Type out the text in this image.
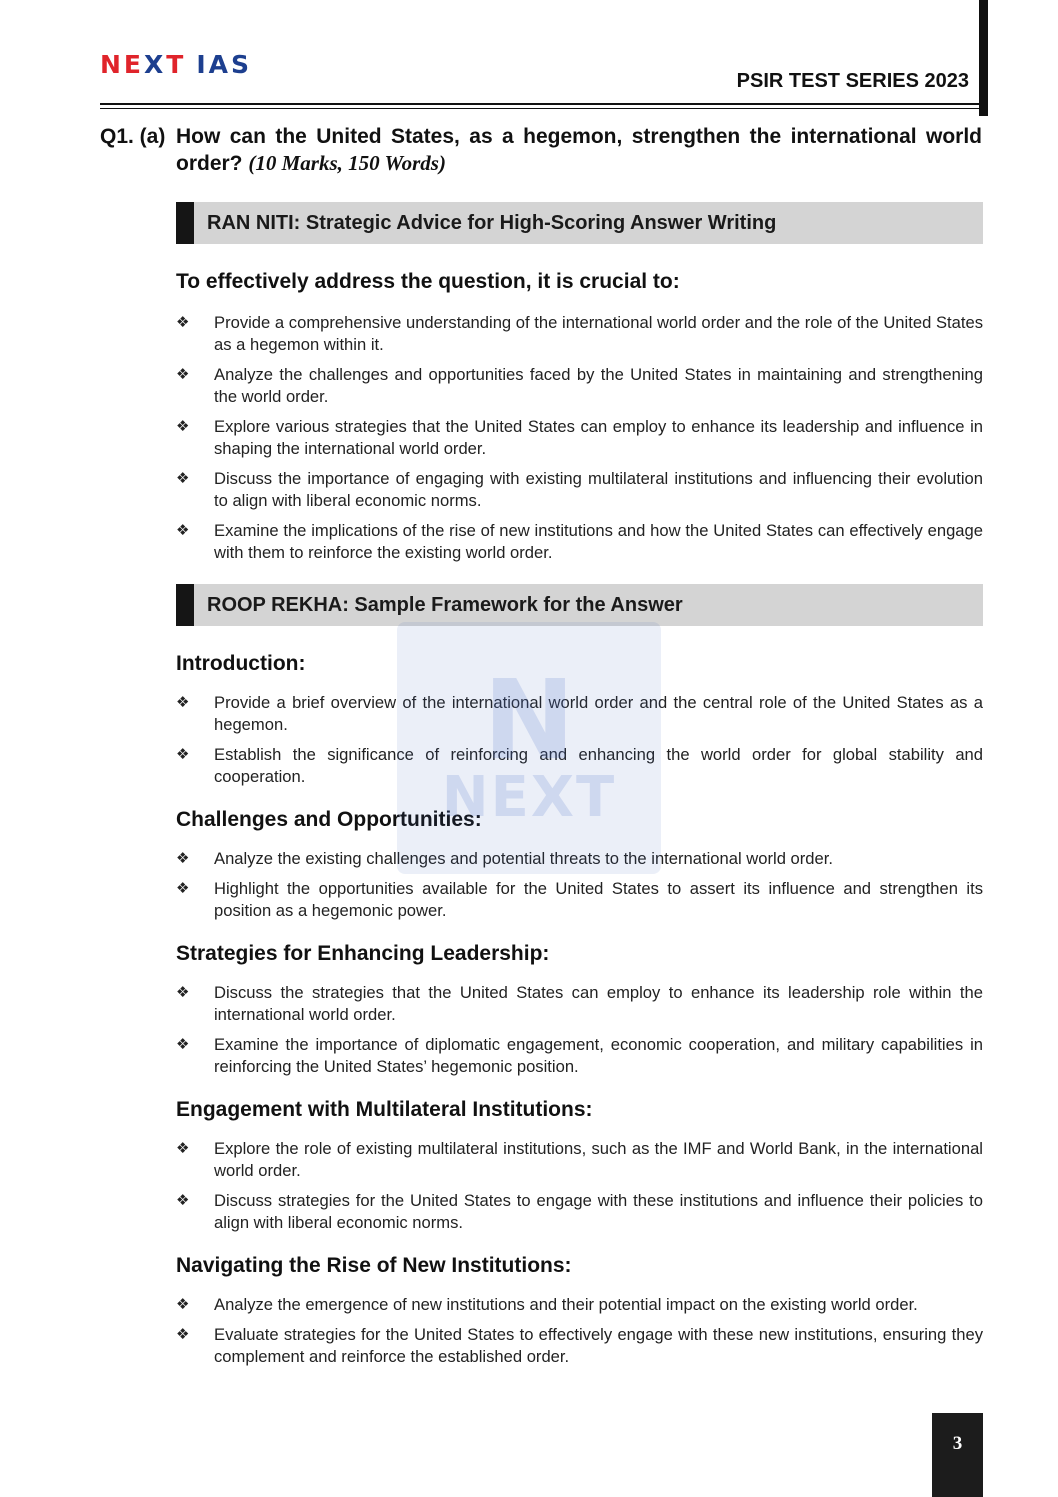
NEXT IAS
PSIR TEST SERIES 2023
Q1. (a) How can the United States, as a hegemon, strengthen the international world order? (10 Marks, 150 Words)
RAN NITI: Strategic Advice for High-Scoring Answer Writing
To effectively address the question, it is crucial to:
❖ Provide a comprehensive understanding of the international world order and the role of the United States as a hegemon within it.
❖ Analyze the challenges and opportunities faced by the United States in maintaining and strengthening the world order.
❖ Explore various strategies that the United States can employ to enhance its leadership and influence in shaping the international world order.
❖ Discuss the importance of engaging with existing multilateral institutions and influencing their evolution to align with liberal economic norms.
❖ Examine the implications of the rise of new institutions and how the United States can effectively engage with them to reinforce the existing world order.
ROOP REKHA: Sample Framework for the Answer
Introduction:
❖ Provide a brief overview of the international world order and the central role of the United States as a hegemon.
❖ Establish the significance of reinforcing and enhancing the world order for global stability and cooperation.
Challenges and Opportunities:
❖ Analyze the existing challenges and potential threats to the international world order.
❖ Highlight the opportunities available for the United States to assert its influence and strengthen its position as a hegemonic power.
Strategies for Enhancing Leadership:
❖ Discuss the strategies that the United States can employ to enhance its leadership role within the international world order.
❖ Examine the importance of diplomatic engagement, economic cooperation, and military capabilities in reinforcing the United States’ hegemonic position.
Engagement with Multilateral Institutions:
❖ Explore the role of existing multilateral institutions, such as the IMF and World Bank, in the international world order.
❖ Discuss strategies for the United States to engage with these institutions and influence their policies to align with liberal economic norms.
Navigating the Rise of New Institutions:
❖ Analyze the emergence of new institutions and their potential impact on the existing world order.
❖ Evaluate strategies for the United States to effectively engage with these new institutions, ensuring they complement and reinforce the established order.
N
NEXT
3
